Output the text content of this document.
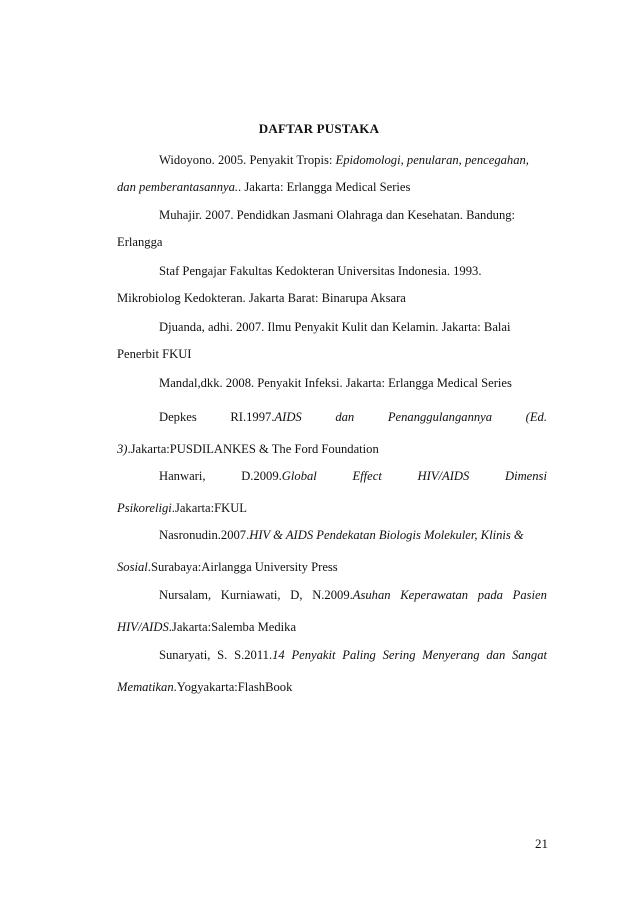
DAFTAR PUSTAKA
Widoyono. 2005. Penyakit Tropis: Epidomologi, penularan, pencegahan,
dan pemberantasannya.. Jakarta: Erlangga Medical Series
Muhajir. 2007. Pendidkan Jasmani Olahraga dan Kesehatan. Bandung:
Erlangga
Staf Pengajar Fakultas Kedokteran Universitas Indonesia. 1993.
Mikrobiolog Kedokteran. Jakarta Barat: Binarupa Aksara
Djuanda, adhi. 2007. Ilmu Penyakit Kulit dan Kelamin. Jakarta: Balai
Penerbit FKUI
Mandal,dkk. 2008. Penyakit Infeksi. Jakarta: Erlangga Medical Series
Depkes	RI.1997.AIDS	dan	Penanggulangannya	(Ed.
3).Jakarta:PUSDILANKES & The Ford Foundation
Hanwari,	D.2009.Global	Effect	HIV/AIDS	Dimensi
Psikoreligi.Jakarta:FKUL
Nasronudin.2007.HIV & AIDS Pendekatan Biologis Molekuler, Klinis &
Sosial.Surabaya:Airlangga University Press
Nursalam, Kurniawati, D, N.2009.Asuhan Keperawatan pada Pasien
HIV/AIDS.Jakarta:Salemba Medika
Sunaryati, S. S.2011.14 Penyakit Paling Sering Menyerang dan Sangat
Mematikan.Yogyakarta:FlashBook
21
